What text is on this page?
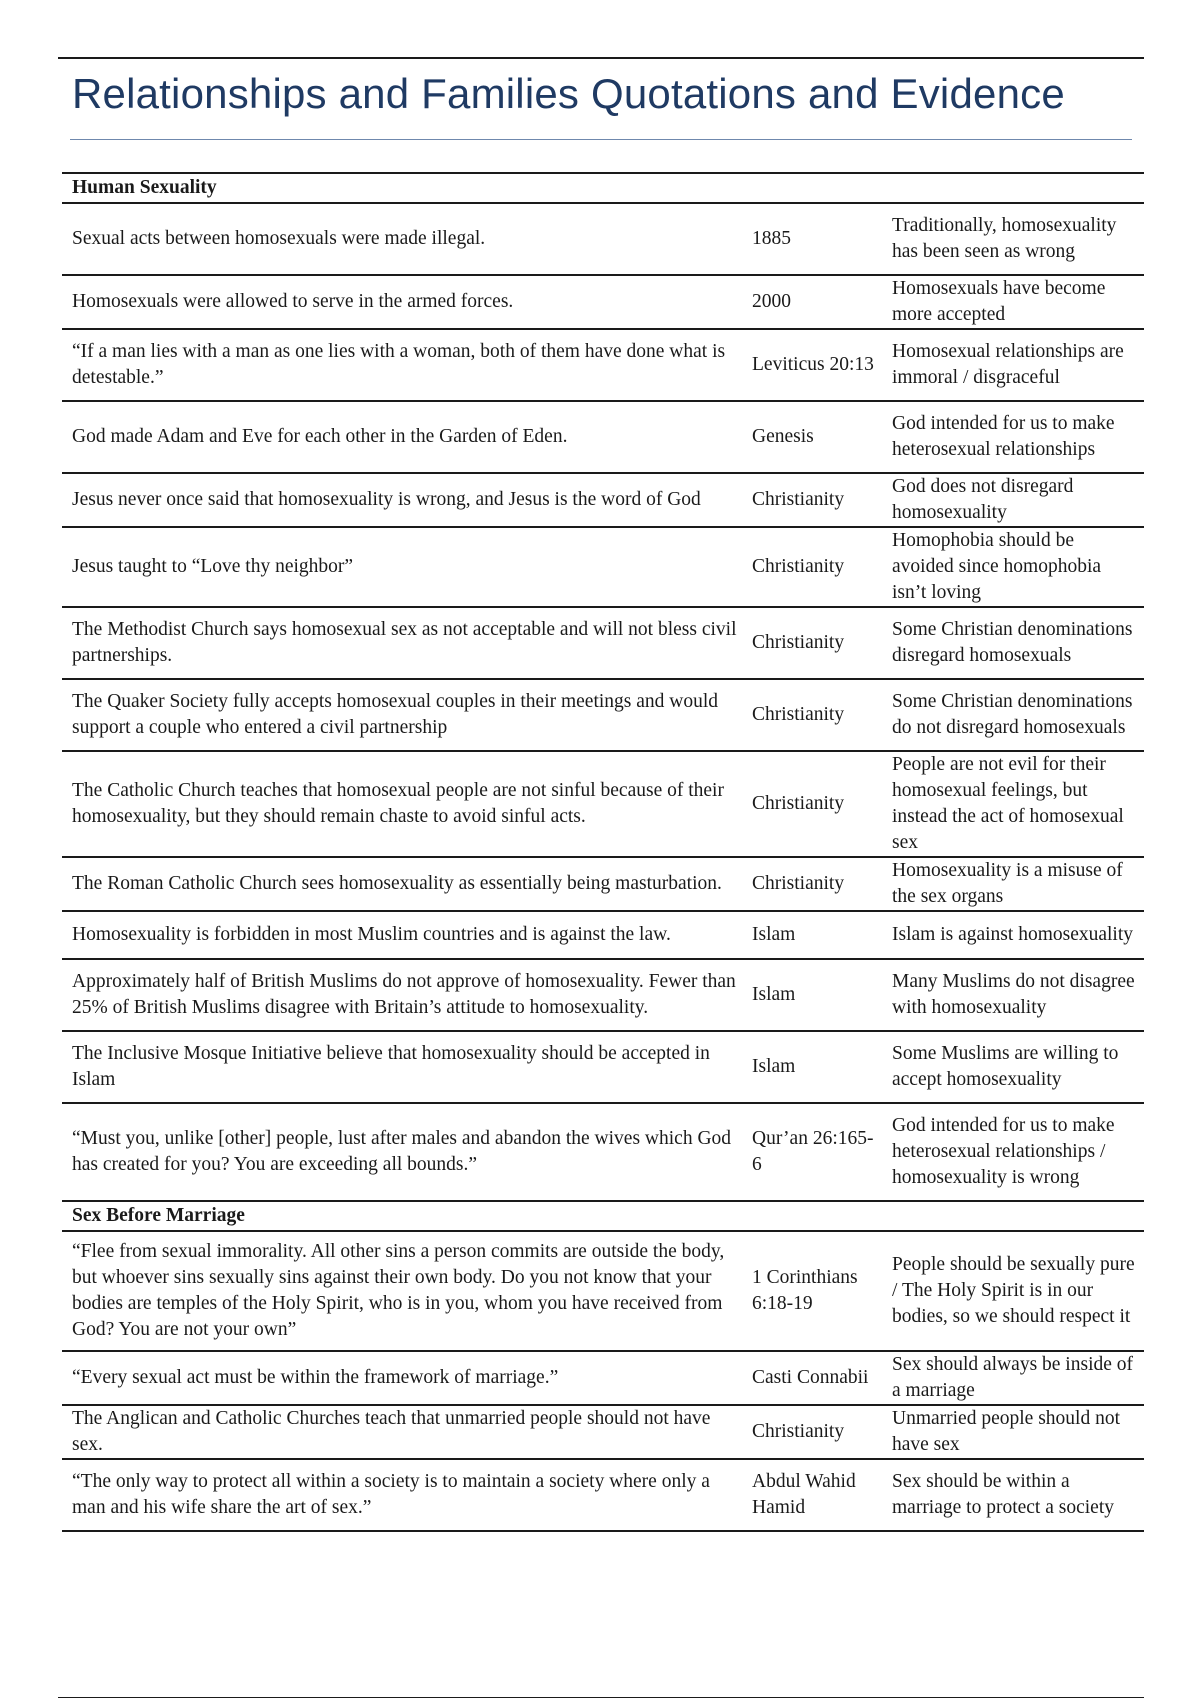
Relationships and Families Quotations and Evidence
Human Sexuality		
Sexual acts between homosexuals were made illegal.	1885	Traditionally, homosexuality has been seen as wrong
Homosexuals were allowed to serve in the armed forces.	2000	Homosexuals have become more accepted
“If a man lies with a man as one lies with a woman, both of them have done what is detestable.”	Leviticus 20:13	Homosexual relationships are immoral / disgraceful
God made Adam and Eve for each other in the Garden of Eden.	Genesis	God intended for us to make heterosexual relationships
Jesus never once said that homosexuality is wrong, and Jesus is the word of God	Christianity	God does not disregard homosexuality
Jesus taught to “Love thy neighbor”	Christianity	Homophobia should be avoided since homophobia isn’t loving
The Methodist Church says homosexual sex as not acceptable and will not bless civil partnerships.	Christianity	Some Christian denominations disregard homosexuals
The Quaker Society fully accepts homosexual couples in their meetings and would support a couple who entered a civil partnership	Christianity	Some Christian denominations do not disregard homosexuals
The Catholic Church teaches that homosexual people are not sinful because of their homosexuality, but they should remain chaste to avoid sinful acts.	Christianity	People are not evil for their homosexual feelings, but instead the act of homosexual sex
The Roman Catholic Church sees homosexuality as essentially being masturbation.	Christianity	Homosexuality is a misuse of the sex organs
Homosexuality is forbidden in most Muslim countries and is against the law.	Islam	Islam is against homosexuality
Approximately half of British Muslims do not approve of homosexuality. Fewer than 25% of British Muslims disagree with Britain’s attitude to homosexuality.	Islam	Many Muslims do not disagree with homosexuality
The Inclusive Mosque Initiative believe that homosexuality should be accepted in Islam	Islam	Some Muslims are willing to accept homosexuality
“Must you, unlike [other] people, lust after males and abandon the wives which God has created for you? You are exceeding all bounds.”	Qur’an 26:165-6	God intended for us to make heterosexual relationships / homosexuality is wrong
Sex Before Marriage		
“Flee from sexual immorality. All other sins a person commits are outside the body, but whoever sins sexually sins against their own body. Do you not know that your bodies are temples of the Holy Spirit, who is in you, whom you have received from God? You are not your own”	1 Corinthians 6:18-19	People should be sexually pure / The Holy Spirit is in our bodies, so we should respect it
“Every sexual act must be within the framework of marriage.”	Casti Connabii	Sex should always be inside of a marriage
The Anglican and Catholic Churches teach that unmarried people should not have sex.	Christianity	Unmarried people should not have sex
“The only way to protect all within a society is to maintain a society where only a man and his wife share the art of sex.”	Abdul Wahid Hamid	Sex should be within a marriage to protect a society
